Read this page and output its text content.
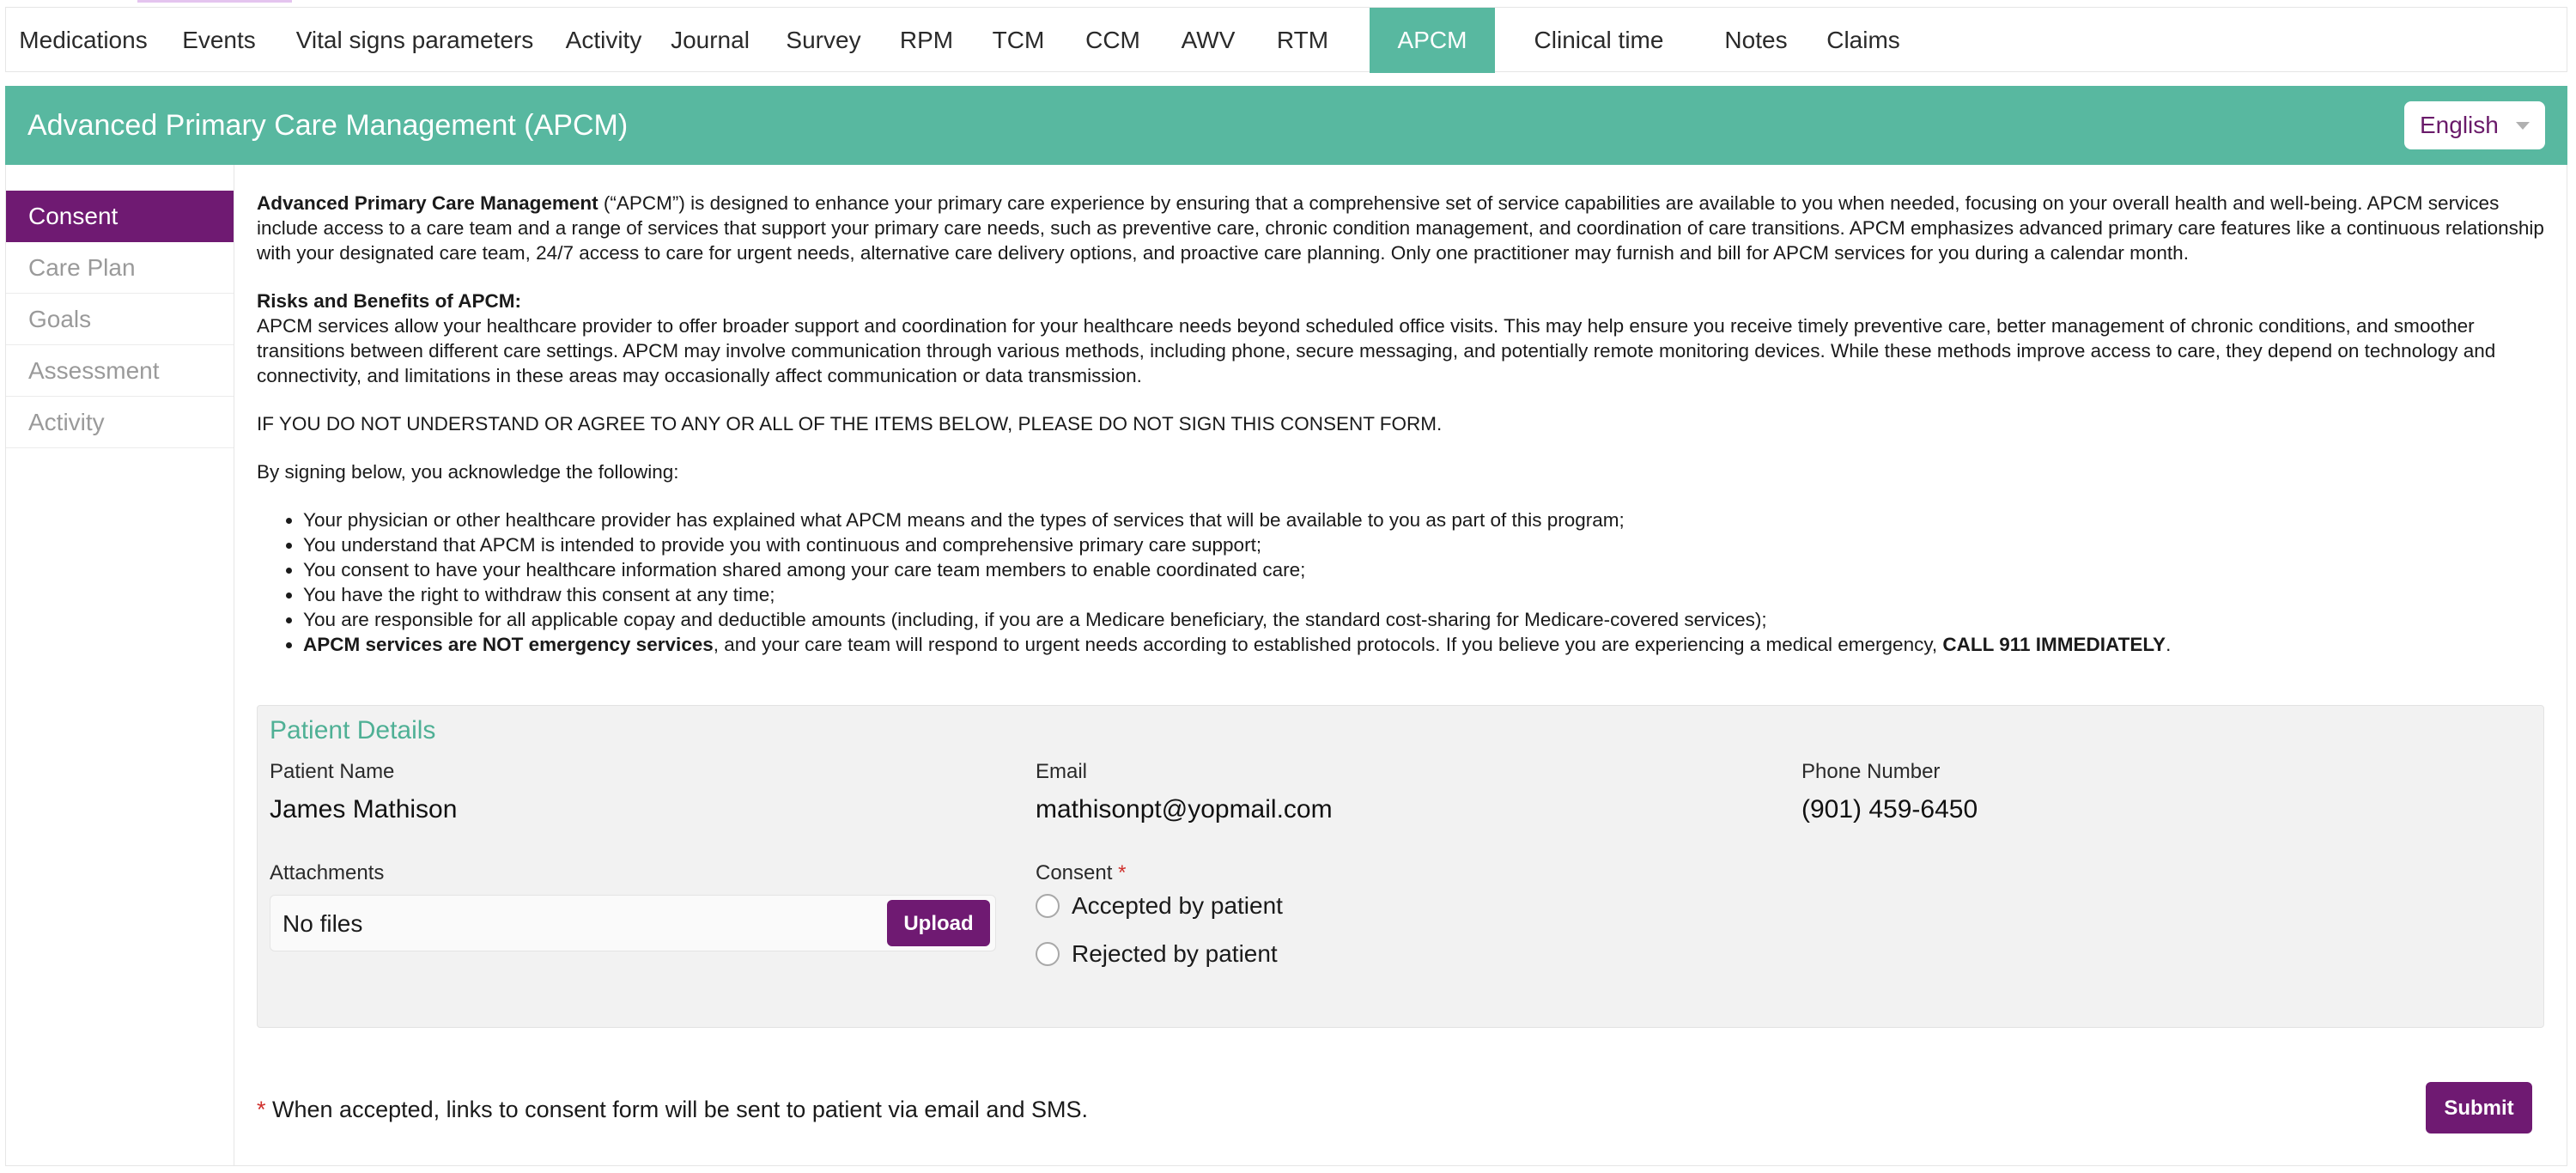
Medications	Events	Vital signs parameters	Activity	Journal	Survey	RPM	TCM	CCM	AWV	RTM	APCM	Clinical time	Notes	Claims
Advanced Primary Care Management (APCM)	English
Consent
Care Plan
Goals
Assessment
Activity

Advanced Primary Care Management (“APCM”) is designed to enhance your primary care experience by ensuring that a comprehensive set of service capabilities are available to you when needed, focusing on your overall health and well-being. APCM services include access to a care team and a range of services that support your primary care needs, such as preventive care, chronic condition management, and coordination of care transitions. APCM emphasizes advanced primary care features like a continuous relationship with your designated care team, 24/7 access to care for urgent needs, alternative care delivery options, and proactive care planning. Only one practitioner may furnish and bill for APCM services for you during a calendar month.

Risks and Benefits of APCM:
APCM services allow your healthcare provider to offer broader support and coordination for your healthcare needs beyond scheduled office visits. This may help ensure you receive timely preventive care, better management of chronic conditions, and smoother transitions between different care settings. APCM may involve communication through various methods, including phone, secure messaging, and potentially remote monitoring devices. While these methods improve access to care, they depend on technology and connectivity, and limitations in these areas may occasionally affect communication or data transmission.

IF YOU DO NOT UNDERSTAND OR AGREE TO ANY OR ALL OF THE ITEMS BELOW, PLEASE DO NOT SIGN THIS CONSENT FORM.

By signing below, you acknowledge the following:

• Your physician or other healthcare provider has explained what APCM means and the types of services that will be available to you as part of this program;
• You understand that APCM is intended to provide you with continuous and comprehensive primary care support;
• You consent to have your healthcare information shared among your care team members to enable coordinated care;
• You have the right to withdraw this consent at any time;
• You are responsible for all applicable copay and deductible amounts (including, if you are a Medicare beneficiary, the standard cost-sharing for Medicare-covered services);
• APCM services are NOT emergency services, and your care team will respond to urgent needs according to established protocols. If you believe you are experiencing a medical emergency, CALL 911 IMMEDIATELY.
Patient Details
Patient Name
James Mathison
Email
mathisonpt@yopmail.com
Phone Number
(901) 459-6450
Attachments
No files	Upload
Consent *
Accepted by patient
Rejected by patient
* When accepted, links to consent form will be sent to patient via email and SMS.	Submit
